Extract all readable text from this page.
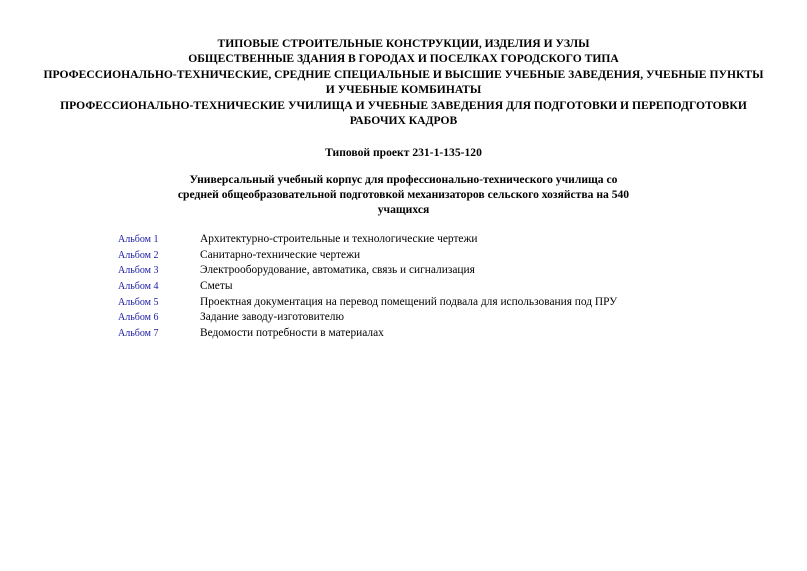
ТИПОВЫЕ СТРОИТЕЛЬНЫЕ КОНСТРУКЦИИ, ИЗДЕЛИЯ И УЗЛЫ
ОБЩЕСТВЕННЫЕ ЗДАНИЯ В ГОРОДАХ И ПОСЕЛКАХ ГОРОДСКОГО ТИПА
ПРОФЕССИОНАЛЬНО-ТЕХНИЧЕСКИЕ, СРЕДНИЕ СПЕЦИАЛЬНЫЕ И ВЫСШИЕ УЧЕБНЫЕ ЗАВЕДЕНИЯ, УЧЕБНЫЕ ПУНКТЫ И УЧЕБНЫЕ КОМБИНАТЫ
ПРОФЕССИОНАЛЬНО-ТЕХНИЧЕСКИЕ УЧИЛИЩА И УЧЕБНЫЕ ЗАВЕДЕНИЯ ДЛЯ ПОДГОТОВКИ И ПЕРЕПОДГОТОВКИ РАБОЧИХ КАДРОВ
Типовой проект 231-1-135-120
Универсальный учебный корпус для профессионально-технического училища со средней общеобразовательной подготовкой механизаторов сельского хозяйства на 540 учащихся
Альбом 1	Архитектурно-строительные и технологические чертежи
Альбом 2	Санитарно-технические чертежи
Альбом 3	Электрооборудование, автоматика, связь и сигнализация
Альбом 4	Сметы
Альбом 5	Проектная документация на перевод помещений подвала для использования под ПРУ
Альбом 6	Задание заводу-изготовителю
Альбом 7	Ведомости потребности в материалах
